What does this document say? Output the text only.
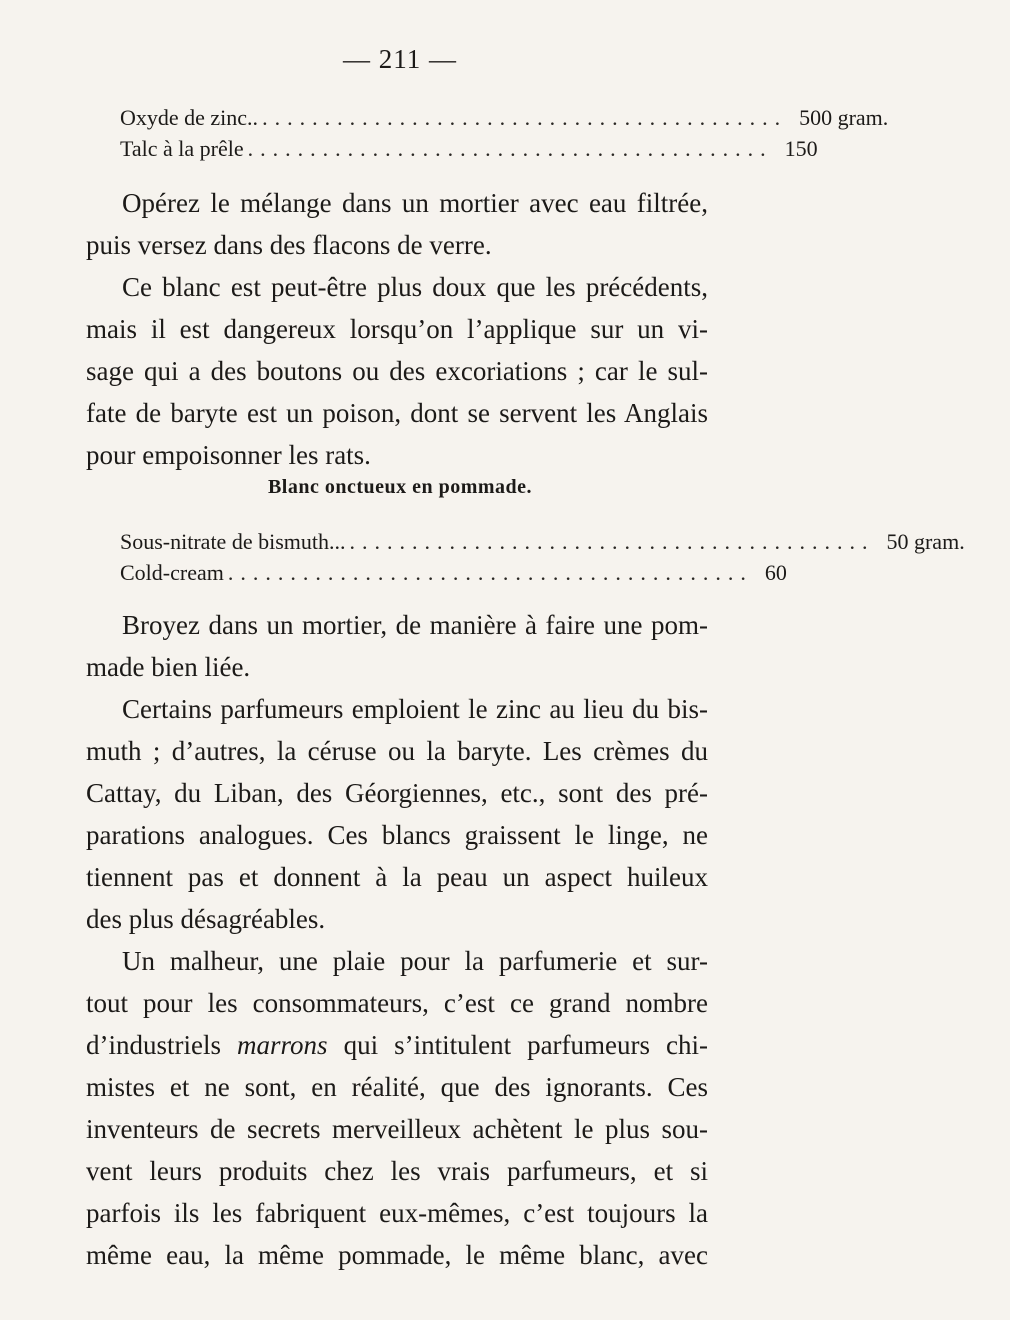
— 211 —
Oxyde de zinc.. .......................................... 500 gram.
Talc à la prêle .......................................... 150
Opérez le mélange dans un mortier avec eau filtrée,
puis versez dans des flacons de verre.
Ce blanc est peut-être plus doux que les précédents,
mais il est dangereux lorsqu’on l’applique sur un vi-
sage qui a des boutons ou des excoriations ; car le sul-
fate de baryte est un poison, dont se servent les Anglais
pour empoisonner les rats.
Blanc onctueux en pommade.
Sous-nitrate de bismuth... .......................................... 50 gram.
Cold-cream .......................................... 60
Broyez dans un mortier, de manière à faire une pom-
made bien liée.
Certains parfumeurs emploient le zinc au lieu du bis-
muth ; d’autres, la céruse ou la baryte. Les crèmes du
Cattay, du Liban, des Géorgiennes, etc., sont des pré-
parations analogues. Ces blancs graissent le linge, ne
tiennent pas et donnent à la peau un aspect huileux
des plus désagréables.
Un malheur, une plaie pour la parfumerie et sur-
tout pour les consommateurs, c’est ce grand nombre
d’industriels marrons qui s’intitulent parfumeurs chi-
mistes et ne sont, en réalité, que des ignorants. Ces
inventeurs de secrets merveilleux achètent le plus sou-
vent leurs produits chez les vrais parfumeurs, et si
parfois ils les fabriquent eux-mêmes, c’est toujours la
même eau, la même pommade, le même blanc, avec
